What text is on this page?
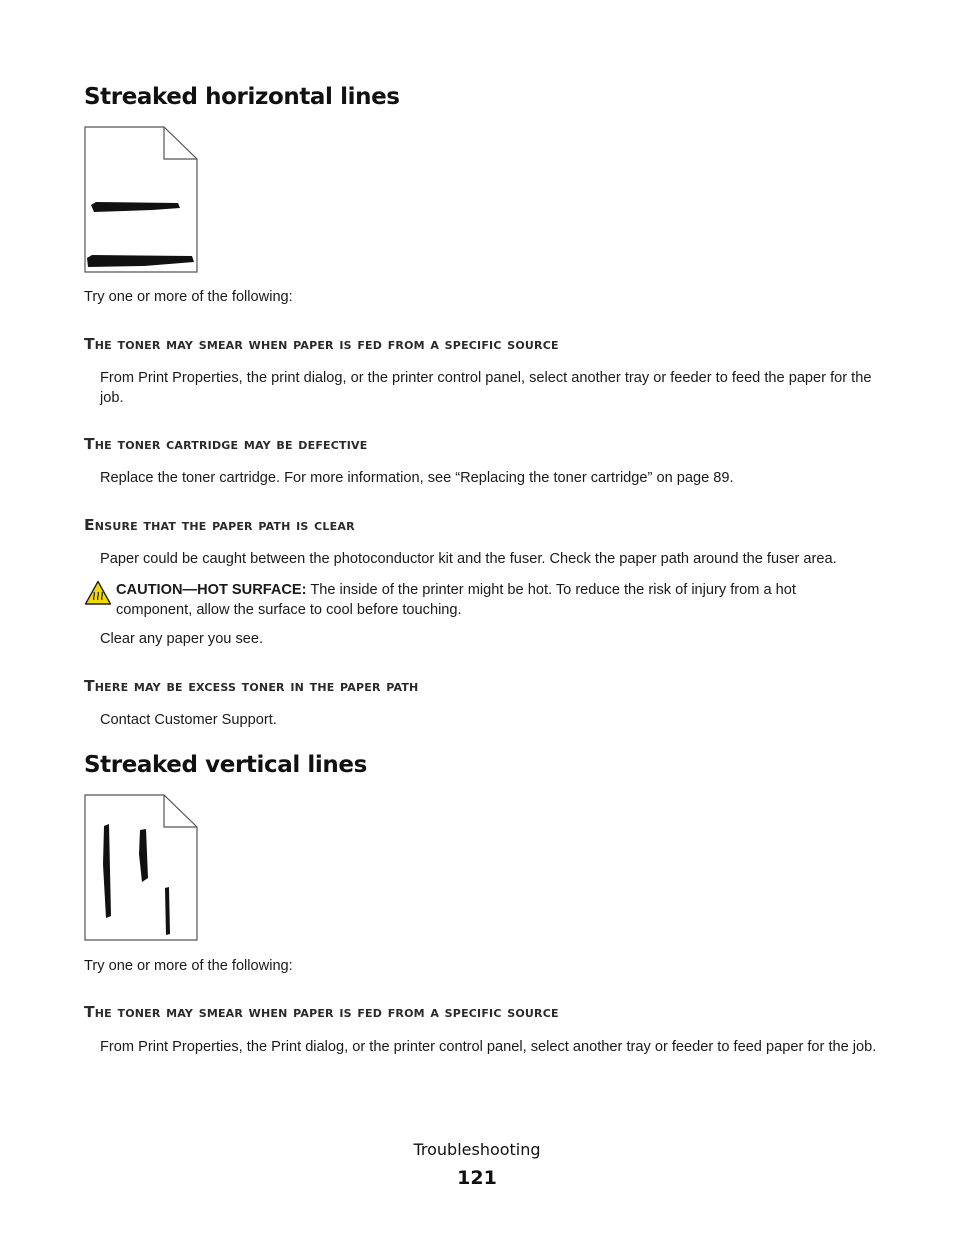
Streaked horizontal lines

Try one or more of the following:

The toner may smear when paper is fed from a specific source

From Print Properties, the print dialog, or the printer control panel, select another tray or feeder to feed the paper for the job.

The toner cartridge may be defective

Replace the toner cartridge. For more information, see “Replacing the toner cartridge” on page 89.

Ensure that the paper path is clear

Paper could be caught between the photoconductor kit and the fuser. Check the paper path around the fuser area.

CAUTION—HOT SURFACE: The inside of the printer might be hot. To reduce the risk of injury from a hot component, allow the surface to cool before touching.

Clear any paper you see.

There may be excess toner in the paper path

Contact Customer Support.

Streaked vertical lines

Try one or more of the following:

The toner may smear when paper is fed from a specific source

From Print Properties, the Print dialog, or the printer control panel, select another tray or feeder to feed paper for the job.

Troubleshooting
121
